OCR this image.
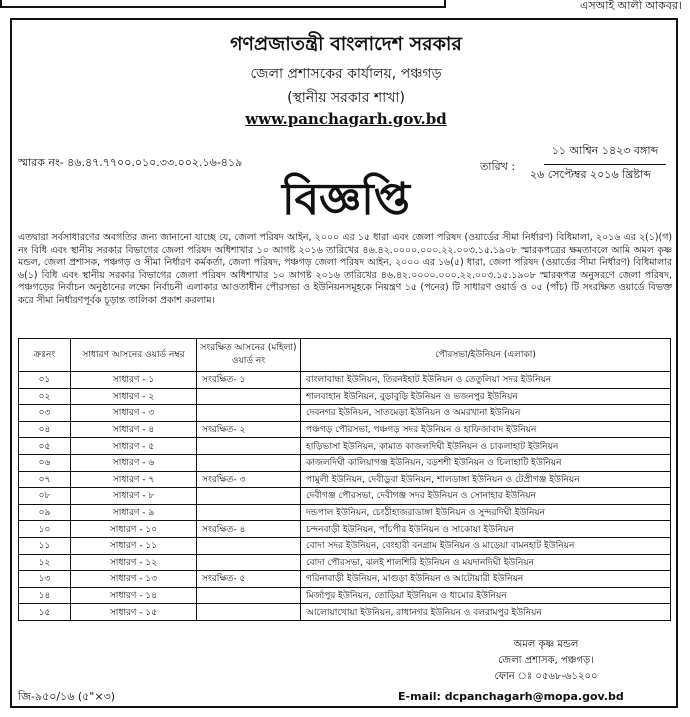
এসআই আলী আকবর।
গণপ্রজাতন্ত্রী বাংলাদেশ সরকার
জেলা প্রশাসকের কার্যালয়, পঞ্চগড়
(স্থানীয় সরকার শাখা)
www.panchagarh.gov.bd
স্মারক নং- ৪৬.৪৭.৭৭০০.০১০.৩৩.০০২.১৬-৪১৯	তারিখ :
১১ আশ্বিন ১৪২৩ বঙ্গাব্দ
২৬ সেপ্টেম্বর ২০১৬ খ্রিষ্টাব্দ
বিজ্ঞপ্তি
এতদ্বারা সর্বসাধারণের অবগতির জন্য জানানো যাচ্ছে যে, জেলা পরিষদ আইন, ২০০০ এর ১৫ ধারা এবং জেলা পরিষদ (ওয়ার্ডের সীমা নির্ধারণ) বিধিমালা, ২০১৬ এর ২(১)(গ) নং বিধি এবং স্থানীয় সরকার বিভাগের জেলা পরিষদ অধিশাখার ১০ আগষ্ট ২০১৬ তারিখের ৪৬.৪২.০০০০.০০০.২২.০০৩.১৫.১৯০৮ স্মারকপত্রের ক্ষমতাবলে আমি অমল কৃষ্ণ মন্ডল, জেলা প্রশাসক, পঞ্চগড় ও সীমা নির্ধারণ কর্মকর্তা, জেলা পরিষদ, পঞ্চগড় জেলা পরিষদ আইন, ২০০০ এর ১৬(৫) ধারা, জেলা পরিষদ (ওয়ার্ডের সীমা নির্ধারণ) বিধিমালার ৬(১) বিধি এবং স্থানীয় সরকার বিভাগের জেলা পরিষদ অধিশাখার ১০ আগষ্ট ২০১৬ তারিখের ৪৬.৪২.০০০০.০০০.২২.০০৩.১৫.১৯০৮ স্মারকপত্র অনুসরণে জেলা পরিষদ, পঞ্চগড়ের নির্বাচন অনুষ্ঠানের লক্ষ্যে নির্বাচনী এলাকার আওতাধীন পৌরসভা ও ইউনিয়নসমূহকে নিয়ন্ত্রণ ১৫ (পনের) টি সাধারণ ওয়ার্ড ও ০৫ (পাঁচ) টি সংরক্ষিত ওয়ার্ডে বিভক্ত করে সীমা নির্ধারণপূর্বক চূড়ান্ত তালিকা প্রকাশ করলাম।
ক্রঃনং	সাধারণ আসনের ওয়ার্ড নম্বর	সংরক্ষিত আসনের (মহিলা) ওয়ার্ড নং	পৌরসভা/ইউনিয়ন (এলাকা)
০১	সাধারণ - ১	সংরক্ষিত- ১	বাংলাবান্ধা ইউনিয়ন, তিরনইহাট ইউনিয়ন ও তেতুলিয়া সদর ইউনিয়ন
০২	সাধারণ - ২		শালবাহান ইউনিয়ন, বুড়াবুড়ি ইউনিয়ন ও ভজনপুর ইউনিয়ন
০৩	সাধারণ - ৩		দেবনগর ইউনিয়ন, সাতমেড়া ইউনিয়ন ও অমরখানা ইউনিয়ন
০৪	সাধারণ - ৪	সংরক্ষিত- ২	পঞ্চগড় পৌরসভা, পঞ্চগড় সদর ইউনিয়ন ও হাফিজাবাদ ইউনিয়ন
০৫	সাধারণ - ৫		হাড়িভাসা ইউনিয়ন, কামাত কাজলদিঘী ইউনিয়ন ও চাকলাহাট ইউনিয়ন
০৬	সাধারণ - ৬		কাজলদিঘী কালিয়াগঞ্জ ইউনিয়ন, বড়শশী ইউনিয়ন ও চিলাহাটি ইউনিয়ন
০৭	সাধারণ - ৭	সংরক্ষিত- ৩	পামুলী ইউনিয়ন, দেবীডুবা ইউনিয়ন, শালডাঙ্গা ইউনিয়ন ও টেপ্রীগঞ্জ ইউনিয়ন
০৮	সাধারণ - ৮		দেবীগঞ্জ পৌরসভা, দেবীগঞ্জ সদর ইউনিয়ন ও সোনাহার ইউনিয়ন
০৯	সাধারণ - ৯		দন্ডপাল ইউনিয়ন, চেংঠীহাজরাডাঙ্গা ইউনিয়ন ও সুন্দরদিঘী ইউনিয়ন
১০	সাধারণ - ১০	সংরক্ষিত- ৪	চন্দনবাড়ী ইউনিয়ন, পাঁচপীর ইউনিয়ন ও সাকোয়া ইউনিয়ন
১১	সাধারণ - ১১		বোদা সদর ইউনিয়ন, বেংহারী বনগ্রাম ইউনিয়ন ও মাড়েয়া বামনহাট ইউনিয়ন
১২	সাধারণ - ১২		বোদা পৌরসভা, ঝলই শালশিরি ইউনিয়ন ও ময়দানদিঘী ইউনিয়ন
১৩	সাধারণ - ১৩	সংরক্ষিত- ৫	গরিনাবাড়ী ইউনিয়ন, মাগুড়া ইউনিয়ন ও আটোয়ারী ইউনিয়ন
১৪	সাধারণ - ১৪		মির্জাপুর ইউনিয়ন, তোড়িয়া ইউনিয়ন ও ধামোর ইউনিয়ন
১৫	সাধারণ - ১৫		আলোয়াখোয়া ইউনিয়ন, রাধানগর ইউনিয়ন ও বলরামপুর ইউনিয়ন
অমল কৃষ্ণ মন্ডল
জেলা প্রশাসক, পঞ্চগড়।
ফোন ঃ ০৫৬৮-৬১২০০
E-mail: dcpanchagarh@mopa.gov.bd
জি-৯৫০/১৬ (৫"×৩)
